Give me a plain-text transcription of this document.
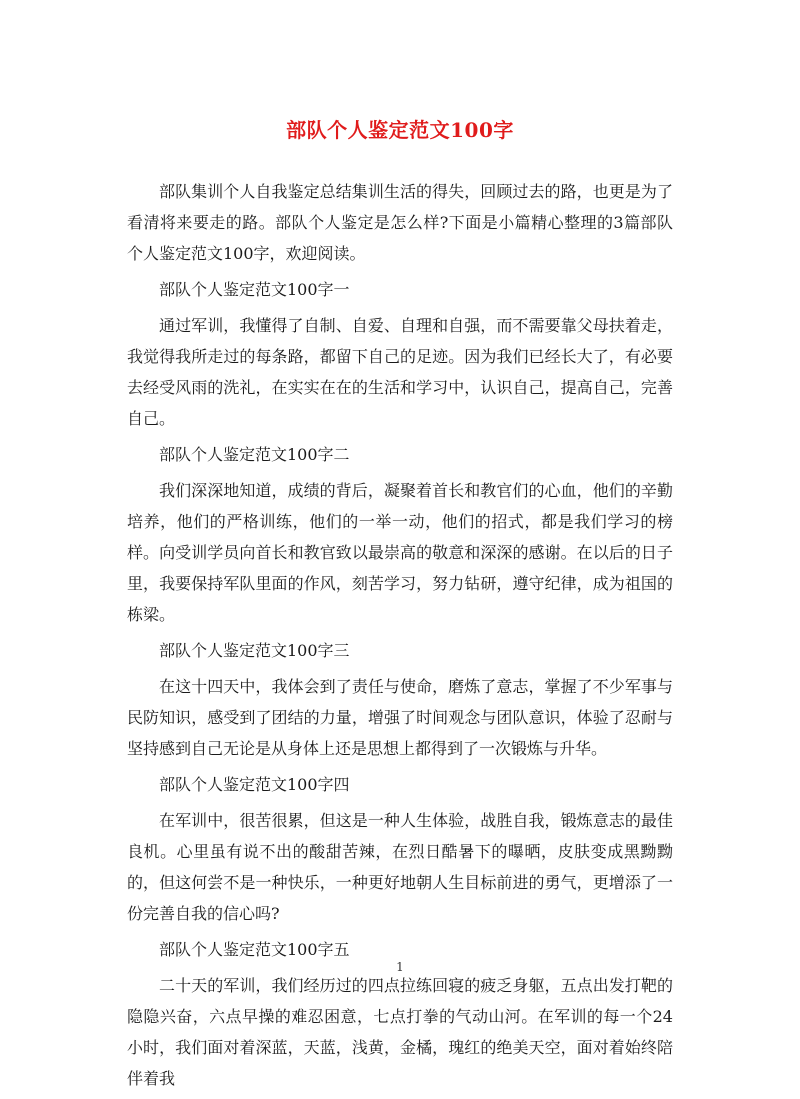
部队个人鉴定范文100字

部队集训个人自我鉴定总结集训生活的得失，回顾过去的路，也更是为了看清将来要走的路。部队个人鉴定是怎么样?下面是小篇精心整理的3篇部队个人鉴定范文100字，欢迎阅读。

部队个人鉴定范文100字一

通过军训，我懂得了自制、自爱、自理和自强，而不需要靠父母扶着走，我觉得我所走过的每条路，都留下自己的足迹。因为我们已经长大了，有必要去经受风雨的洗礼，在实实在在的生活和学习中，认识自己，提高自己，完善自己。

部队个人鉴定范文100字二

我们深深地知道，成绩的背后，凝聚着首长和教官们的心血，他们的辛勤培养，他们的严格训练，他们的一举一动，他们的招式，都是我们学习的榜样。向受训学员向首长和教官致以最崇高的敬意和深深的感谢。在以后的日子里，我要保持军队里面的作风，刻苦学习，努力钻研，遵守纪律，成为祖国的栋梁。

部队个人鉴定范文100字三

在这十四天中，我体会到了责任与使命，磨炼了意志，掌握了不少军事与民防知识，感受到了团结的力量，增强了时间观念与团队意识，体验了忍耐与坚持感到自己无论是从身体上还是思想上都得到了一次锻炼与升华。

部队个人鉴定范文100字四

在军训中，很苦很累，但这是一种人生体验，战胜自我，锻炼意志的最佳良机。心里虽有说不出的酸甜苦辣，在烈日酷暑下的曝晒，皮肤变成黑黝黝的，但这何尝不是一种快乐，一种更好地朝人生目标前进的勇气，更增添了一份完善自我的信心吗?

部队个人鉴定范文100字五

二十天的军训，我们经历过的四点拉练回寝的疲乏身躯，五点出发打靶的隐隐兴奋，六点早操的难忍困意，七点打拳的气动山河。在军训的每一个24小时，我们面对着深蓝，天蓝，浅黄，金橘，瑰红的绝美天空，面对着始终陪伴着我

1
